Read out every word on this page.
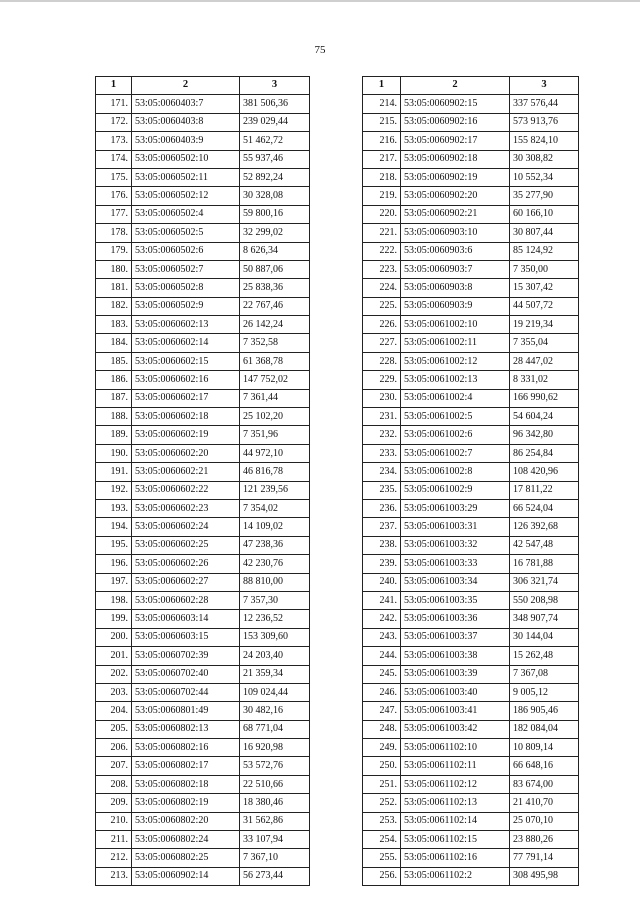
75
1	2	3
171.	53:05:0060403:7	381 506,36
172.	53:05:0060403:8	239 029,44
173.	53:05:0060403:9	51 462,72
174.	53:05:0060502:10	55 937,46
175.	53:05:0060502:11	52 892,24
176.	53:05:0060502:12	30 328,08
177.	53:05:0060502:4	59 800,16
178.	53:05:0060502:5	32 299,02
179.	53:05:0060502:6	8 626,34
180.	53:05:0060502:7	50 887,06
181.	53:05:0060502:8	25 838,36
182.	53:05:0060502:9	22 767,46
183.	53:05:0060602:13	26 142,24
184.	53:05:0060602:14	7 352,58
185.	53:05:0060602:15	61 368,78
186.	53:05:0060602:16	147 752,02
187.	53:05:0060602:17	7 361,44
188.	53:05:0060602:18	25 102,20
189.	53:05:0060602:19	7 351,96
190.	53:05:0060602:20	44 972,10
191.	53:05:0060602:21	46 816,78
192.	53:05:0060602:22	121 239,56
193.	53:05:0060602:23	7 354,02
194.	53:05:0060602:24	14 109,02
195.	53:05:0060602:25	47 238,36
196.	53:05:0060602:26	42 230,76
197.	53:05:0060602:27	88 810,00
198.	53:05:0060602:28	7 357,30
199.	53:05:0060603:14	12 236,52
200.	53:05:0060603:15	153 309,60
201.	53:05:0060702:39	24 203,40
202.	53:05:0060702:40	21 359,34
203.	53:05:0060702:44	109 024,44
204.	53:05:0060801:49	30 482,16
205.	53:05:0060802:13	68 771,04
206.	53:05:0060802:16	16 920,98
207.	53:05:0060802:17	53 572,76
208.	53:05:0060802:18	22 510,66
209.	53:05:0060802:19	18 380,46
210.	53:05:0060802:20	31 562,86
211.	53:05:0060802:24	33 107,94
212.	53:05:0060802:25	7 367,10
213.	53:05:0060902:14	56 273,44
1	2	3
214.	53:05:0060902:15	337 576,44
215.	53:05:0060902:16	573 913,76
216.	53:05:0060902:17	155 824,10
217.	53:05:0060902:18	30 308,82
218.	53:05:0060902:19	10 552,34
219.	53:05:0060902:20	35 277,90
220.	53:05:0060902:21	60 166,10
221.	53:05:0060903:10	30 807,44
222.	53:05:0060903:6	85 124,92
223.	53:05:0060903:7	7 350,00
224.	53:05:0060903:8	15 307,42
225.	53:05:0060903:9	44 507,72
226.	53:05:0061002:10	19 219,34
227.	53:05:0061002:11	7 355,04
228.	53:05:0061002:12	28 447,02
229.	53:05:0061002:13	8 331,02
230.	53:05:0061002:4	166 990,62
231.	53:05:0061002:5	54 604,24
232.	53:05:0061002:6	96 342,80
233.	53:05:0061002:7	86 254,84
234.	53:05:0061002:8	108 420,96
235.	53:05:0061002:9	17 811,22
236.	53:05:0061003:29	66 524,04
237.	53:05:0061003:31	126 392,68
238.	53:05:0061003:32	42 547,48
239.	53:05:0061003:33	16 781,88
240.	53:05:0061003:34	306 321,74
241.	53:05:0061003:35	550 208,98
242.	53:05:0061003:36	348 907,74
243.	53:05:0061003:37	30 144,04
244.	53:05:0061003:38	15 262,48
245.	53:05:0061003:39	7 367,08
246.	53:05:0061003:40	9 005,12
247.	53:05:0061003:41	186 905,46
248.	53:05:0061003:42	182 084,04
249.	53:05:0061102:10	10 809,14
250.	53:05:0061102:11	66 648,16
251.	53:05:0061102:12	83 674,00
252.	53:05:0061102:13	21 410,70
253.	53:05:0061102:14	25 070,10
254.	53:05:0061102:15	23 880,26
255.	53:05:0061102:16	77 791,14
256.	53:05:0061102:2	308 495,98
